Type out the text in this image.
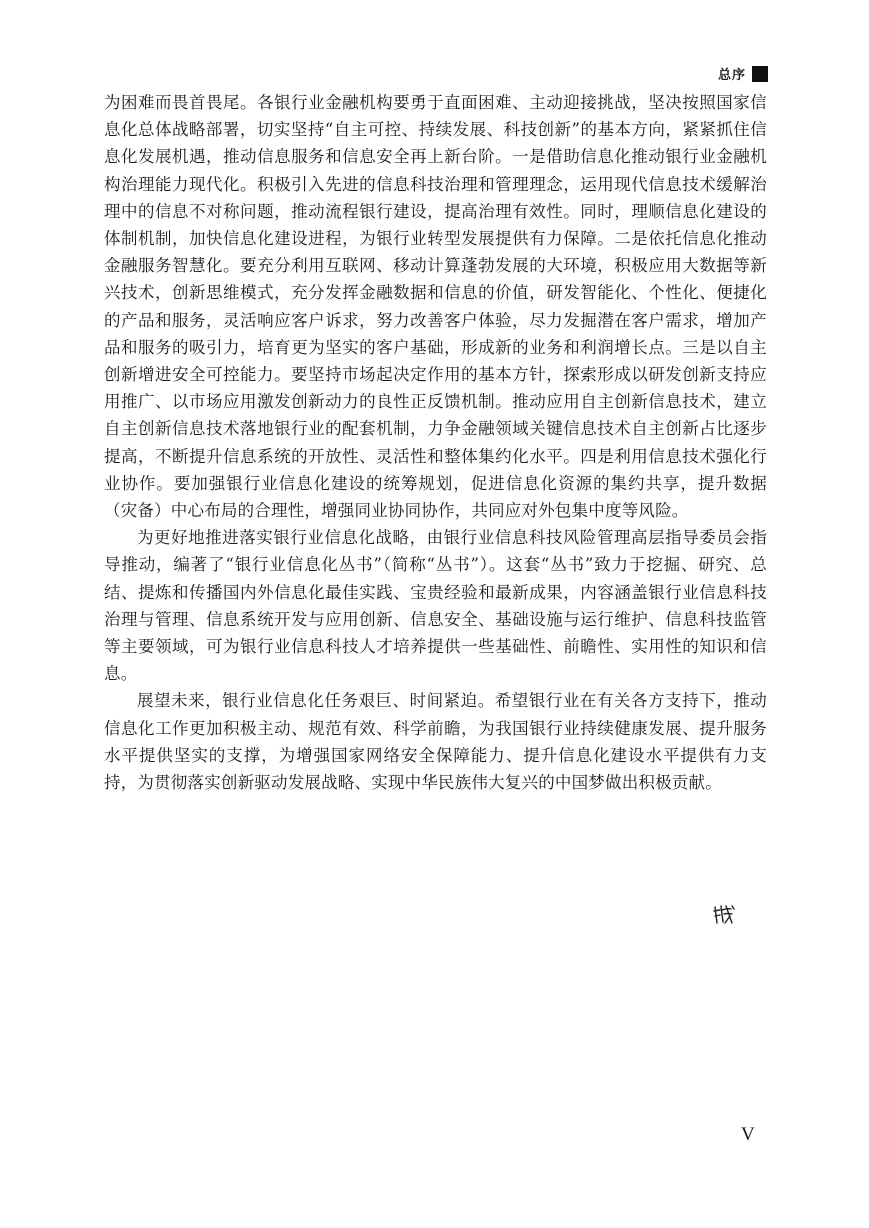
总序

为困难而畏首畏尾。各银行业金融机构要勇于直面困难、主动迎接挑战，坚决按照国家信息化总体战略部署，切实坚持“自主可控、持续发展、科技创新”的基本方向，紧紧抓住信息化发展机遇，推动信息服务和信息安全再上新台阶。一是借助信息化推动银行业金融机构治理能力现代化。积极引入先进的信息科技治理和管理理念，运用现代信息技术缓解治理中的信息不对称问题，推动流程银行建设，提高治理有效性。同时，理顺信息化建设的体制机制，加快信息化建设进程，为银行业转型发展提供有力保障。二是依托信息化推动金融服务智慧化。要充分利用互联网、移动计算蓬勃发展的大环境，积极应用大数据等新兴技术，创新思维模式，充分发挥金融数据和信息的价值，研发智能化、个性化、便捷化的产品和服务，灵活响应客户诉求，努力改善客户体验，尽力发掘潜在客户需求，增加产品和服务的吸引力，培育更为坚实的客户基础，形成新的业务和利润增长点。三是以自主创新增进安全可控能力。要坚持市场起决定作用的基本方针，探索形成以研发创新支持应用推广、以市场应用激发创新动力的良性正反馈机制。推动应用自主创新信息技术，建立自主创新信息技术落地银行业的配套机制，力争金融领域关键信息技术自主创新占比逐步提高，不断提升信息系统的开放性、灵活性和整体集约化水平。四是利用信息技术强化行业协作。要加强银行业信息化建设的统筹规划，促进信息化资源的集约共享，提升数据（灾备）中心布局的合理性，增强同业协同协作，共同应对外包集中度等风险。

为更好地推进落实银行业信息化战略，由银行业信息科技风险管理高层指导委员会指导推动，编著了“银行业信息化丛书”（简称“丛书”）。这套“丛书”致力于挖掘、研究、总结、提炼和传播国内外信息化最佳实践、宝贵经验和最新成果，内容涵盖银行业信息科技治理与管理、信息系统开发与应用创新、信息安全、基础设施与运行维护、信息科技监管等主要领域，可为银行业信息科技人才培养提供一些基础性、前瞻性、实用性的知识和信息。

展望未来，银行业信息化任务艰巨、时间紧迫。希望银行业在有关各方支持下，推动信息化工作更加积极主动、规范有效、科学前瞻，为我国银行业持续健康发展、提升服务水平提供坚实的支撑，为增强国家网络安全保障能力、提升信息化建设水平提供有力支持，为贯彻落实创新驱动发展战略、实现中华民族伟大复兴的中国梦做出积极贡献。

V
